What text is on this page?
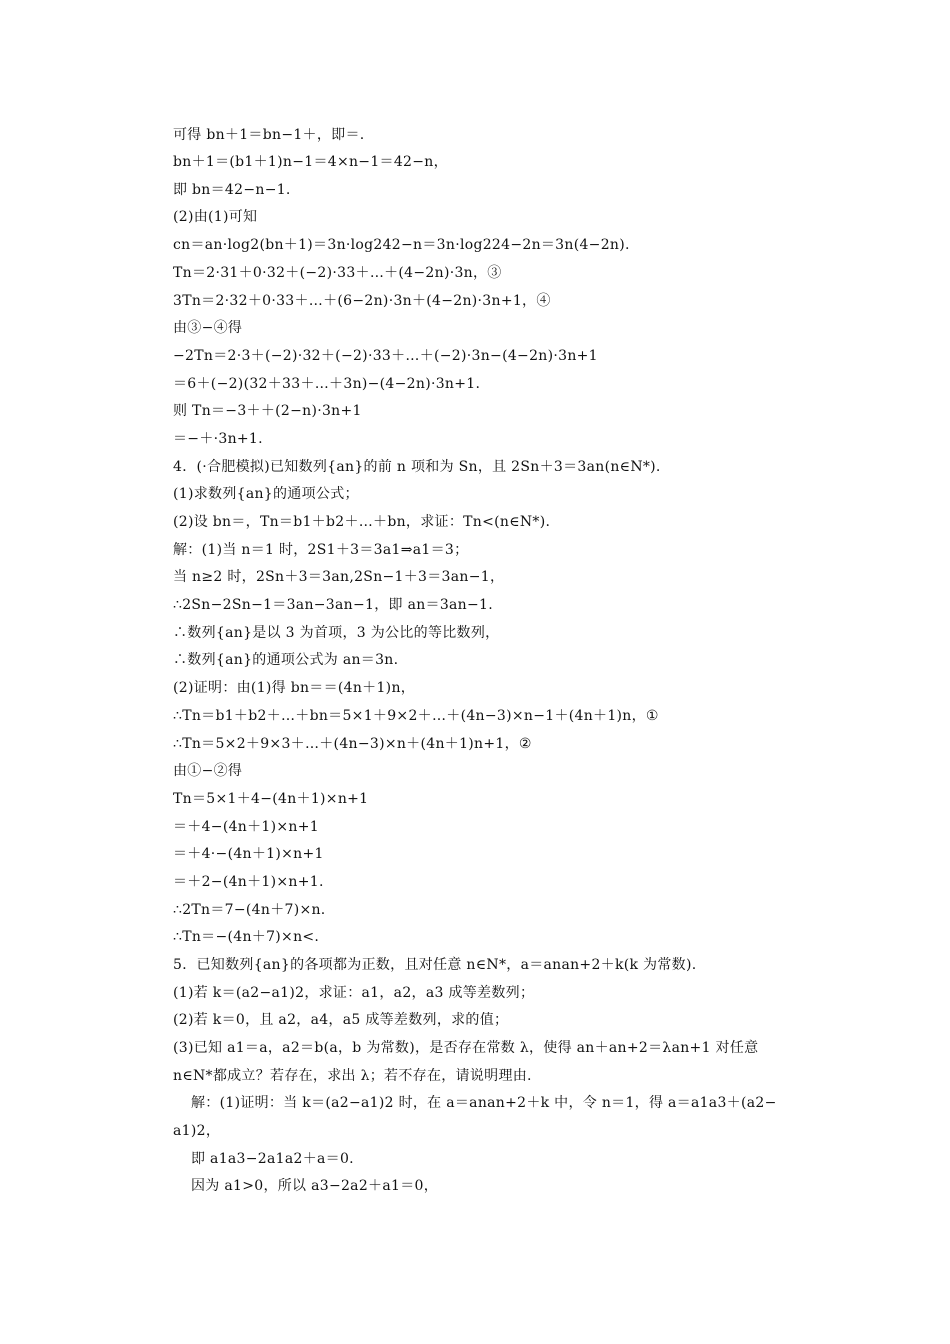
可得 bn＋1＝bn−1＋，即＝.
bn＋1＝(b1＋1)n−1＝4×n−1＝42−n，
即 bn＝42−n−1.
(2)由(1)可知
cn＝an·log2(bn＋1)＝3n·log242−n＝3n·log224−2n＝3n(4−2n).
Tn＝2·31＋0·32＋(−2)·33＋…＋(4−2n)·3n，③
3Tn＝2·32＋0·33＋…＋(6−2n)·3n＋(4−2n)·3n+1，④
由③−④得
−2Tn＝2·3＋(−2)·32＋(−2)·33＋…＋(−2)·3n−(4−2n)·3n+1
＝6＋(−2)(32＋33＋…＋3n)−(4−2n)·3n+1.
则 Tn＝−3＋＋(2−n)·3n+1
＝−＋·3n+1.
4．(·合肥模拟)已知数列{an}的前 n 项和为 Sn，且 2Sn＋3＝3an(n∈N*).
(1)求数列{an}的通项公式；
(2)设 bn＝，Tn＝b1＋b2＋…＋bn，求证：Tn<(n∈N*).
解：(1)当 n＝1 时，2S1＋3＝3a1⇒a1＝3；
当 n≥2 时，2Sn＋3＝3an,2Sn−1＋3＝3an−1，
∴2Sn−2Sn−1＝3an−3an−1，即 an＝3an−1.
∴数列{an}是以 3 为首项，3 为公比的等比数列，
∴数列{an}的通项公式为 an＝3n.
(2)证明：由(1)得 bn＝＝(4n＋1)n，
∴Tn＝b1＋b2＋…＋bn＝5×1＋9×2＋…＋(4n−3)×n−1＋(4n＋1)n，①
∴Tn＝5×2＋9×3＋…＋(4n−3)×n＋(4n＋1)n+1，②
由①−②得
Tn＝5×1＋4−(4n＋1)×n+1
＝＋4−(4n＋1)×n+1
＝＋4·−(4n＋1)×n+1
＝＋2−(4n＋1)×n+1.
∴2Tn＝7−(4n＋7)×n.
∴Tn＝−(4n＋7)×n<.
5．已知数列{an}的各项都为正数，且对任意 n∈N*，a＝anan+2＋k(k 为常数).
(1)若 k＝(a2−a1)2，求证：a1，a2，a3 成等差数列；
(2)若 k＝0，且 a2，a4，a5 成等差数列，求的值；
(3)已知 a1＝a，a2＝b(a，b 为常数)，是否存在常数 λ，使得 an＋an+2＝λan+1 对任意
n∈N*都成立？若存在，求出 λ；若不存在，请说明理由.
解：(1)证明：当 k＝(a2−a1)2 时，在 a＝anan+2＋k 中，令 n＝1，得 a＝a1a3＋(a2−
a1)2，
即 a1a3−2a1a2＋a＝0.
因为 a1>0，所以 a3−2a2＋a1＝0，
